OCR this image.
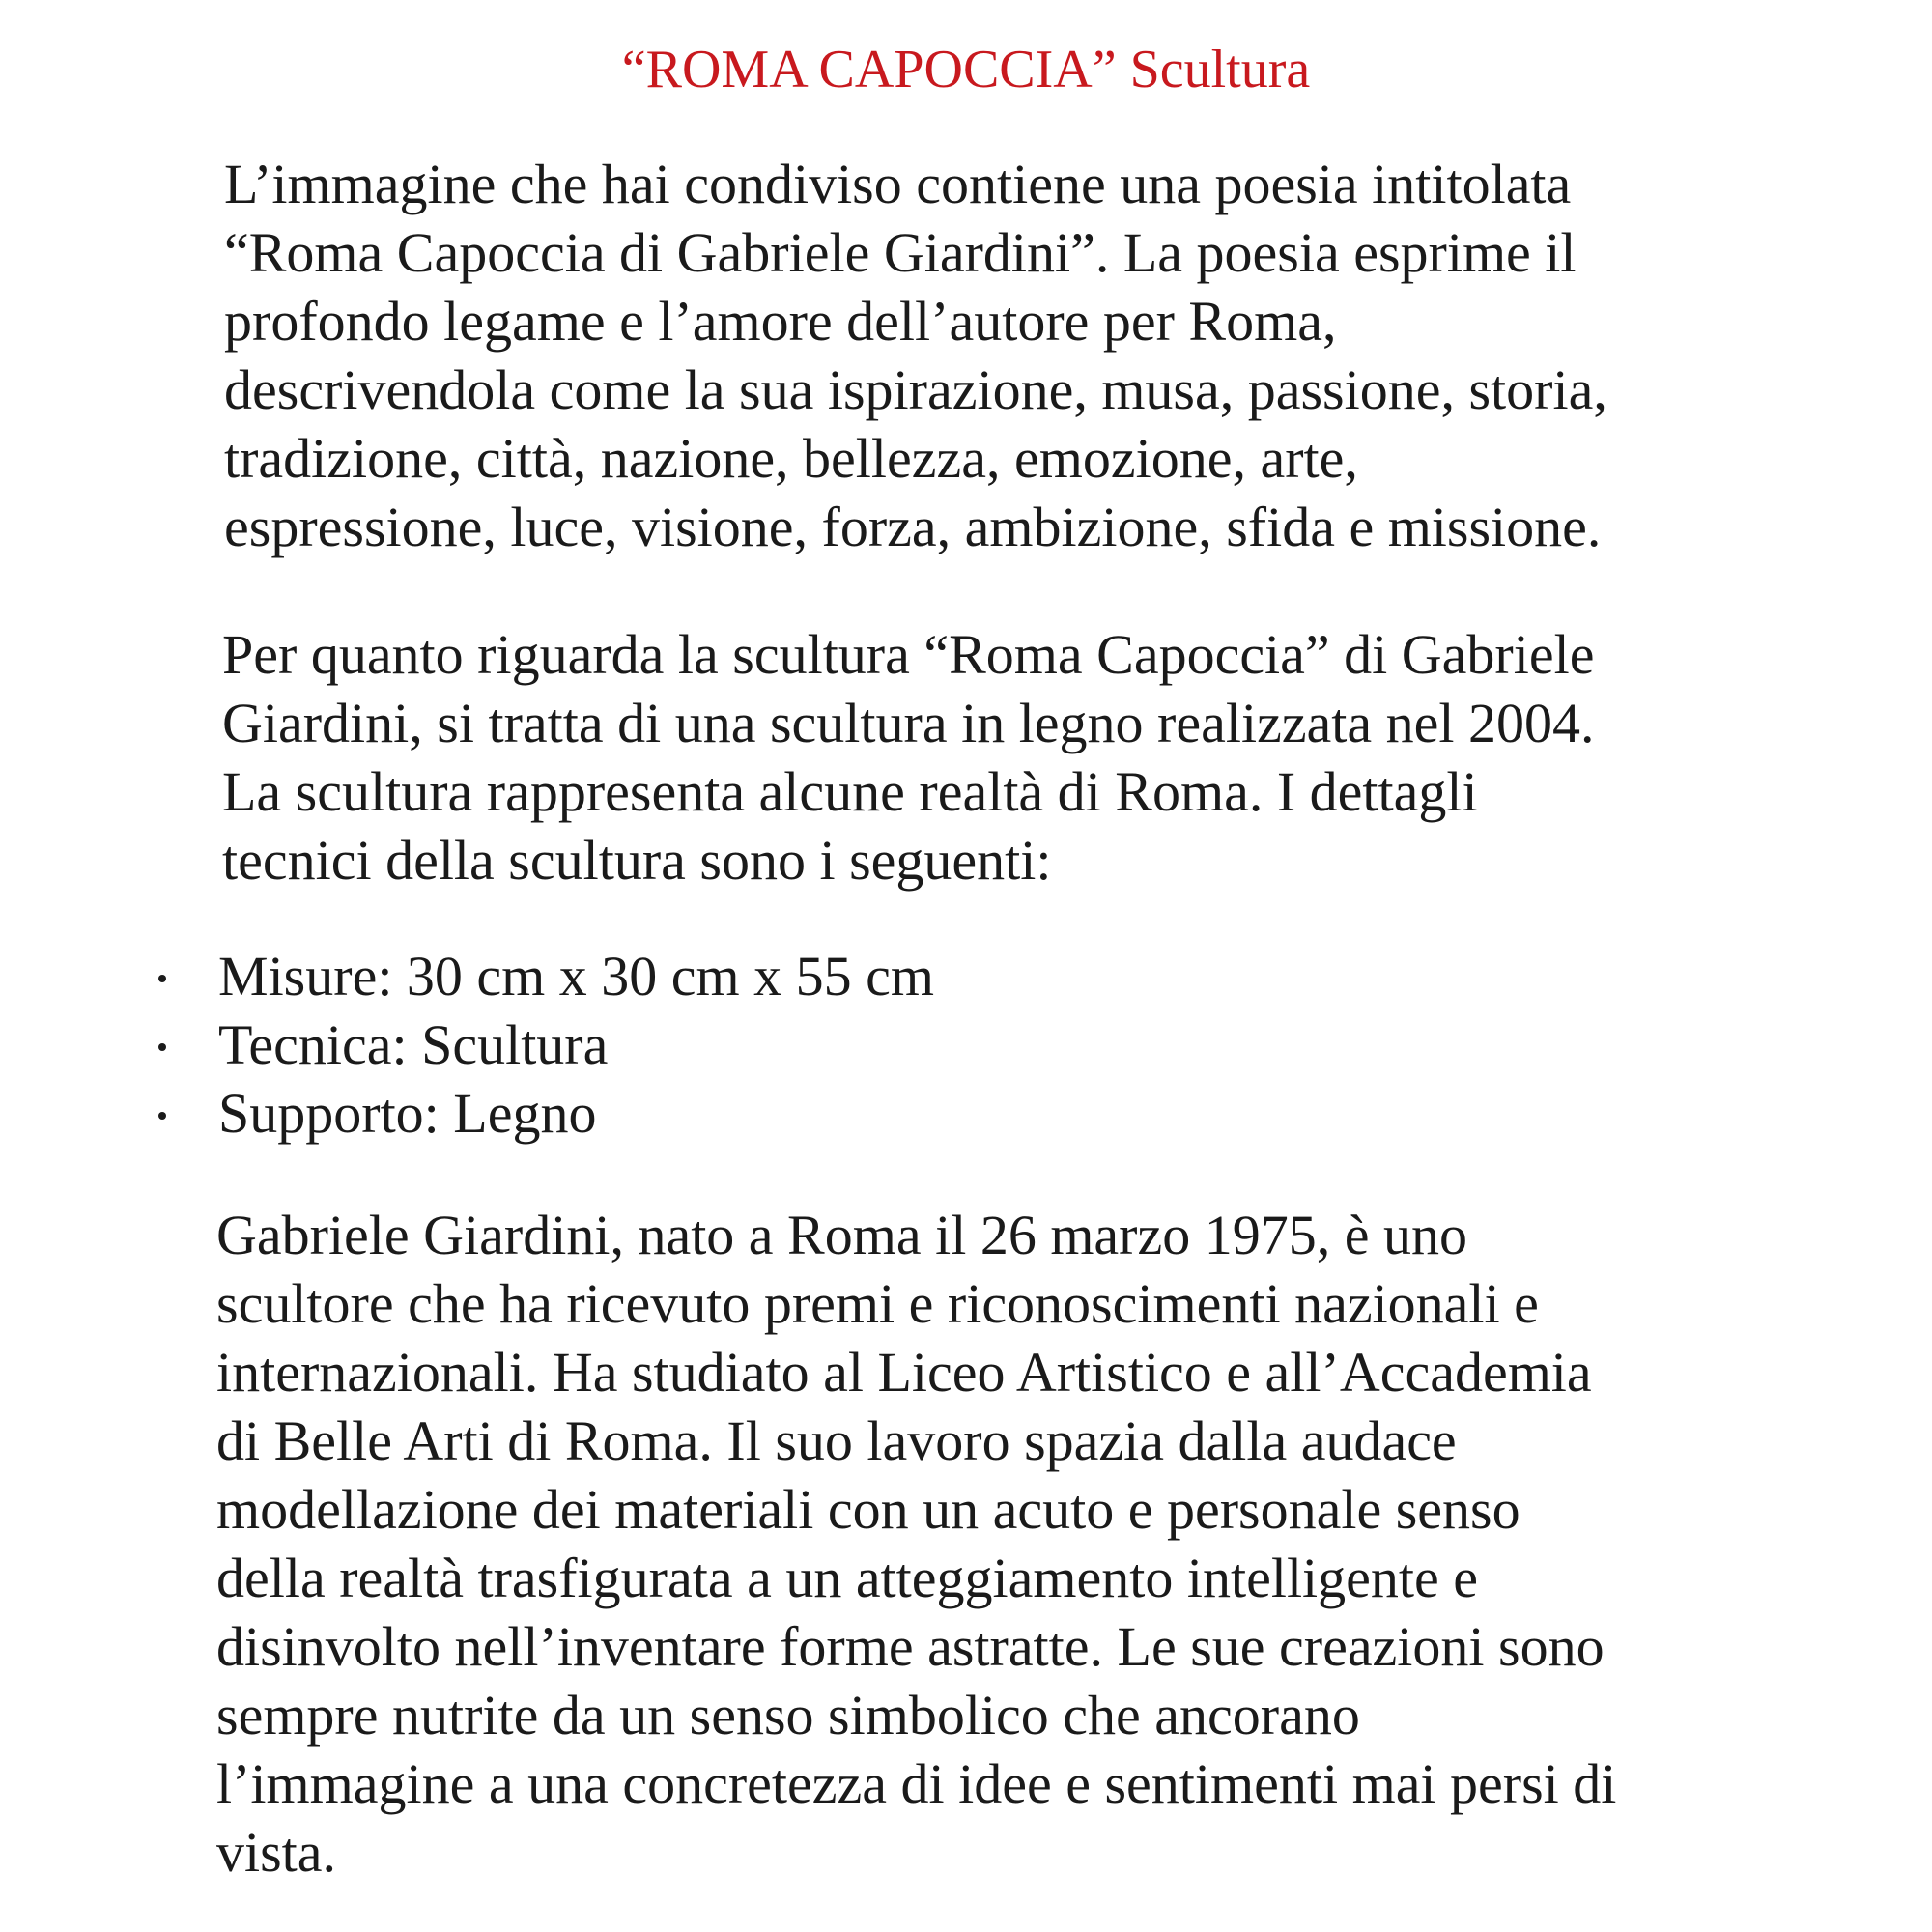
“ROMA CAPOCCIA” Scultura

L’immagine che hai condiviso contiene una poesia intitolata
“Roma Capoccia di Gabriele Giardini”. La poesia esprime il
profondo legame e l’amore dell’autore per Roma,
descrivendola come la sua ispirazione, musa, passione, storia,
tradizione, città, nazione, bellezza, emozione, arte,
espressione, luce, visione, forza, ambizione, sfida e missione.

Per quanto riguarda la scultura “Roma Capoccia” di Gabriele
Giardini, si tratta di una scultura in legno realizzata nel 2004.
La scultura rappresenta alcune realtà di Roma. I dettagli
tecnici della scultura sono i seguenti:

Misure: 30 cm x 30 cm x 55 cm
Tecnica: Scultura
Supporto: Legno

Gabriele Giardini, nato a Roma il 26 marzo 1975, è uno
scultore che ha ricevuto premi e riconoscimenti nazionali e
internazionali. Ha studiato al Liceo Artistico e all’Accademia
di Belle Arti di Roma. Il suo lavoro spazia dalla audace
modellazione dei materiali con un acuto e personale senso
della realtà trasfigurata a un atteggiamento intelligente e
disinvolto nell’inventare forme astratte. Le sue creazioni sono
sempre nutrite da un senso simbolico che ancorano
l’immagine a una concretezza di idee e sentimenti mai persi di
vista.
